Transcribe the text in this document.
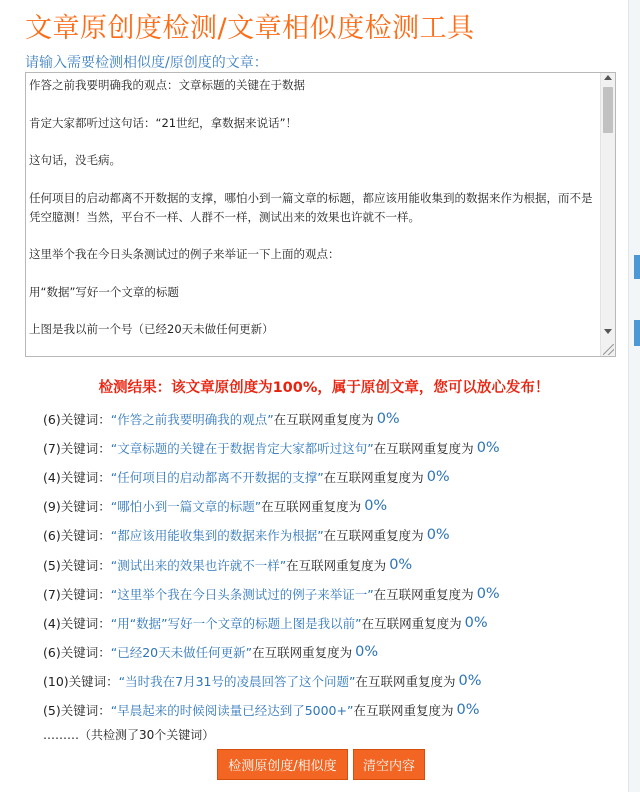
文章原创度检测/文章相似度检测工具
请输入需要检测相似度/原创度的文章：

作答之前我要明确我的观点：文章标题的关键在于数据

肯定大家都听过这句话：“21世纪，拿数据来说话”！

这句话，没毛病。

任何项目的启动都离不开数据的支撑，哪怕小到一篇文章的标题，都应该用能收集到的数据来作为根据，而不是凭空臆测！当然，平台不一样、人群不一样，测试出来的效果也许就不一样。

这里举个我在今日头条测试过的例子来举证一下上面的观点：

用“数据”写好一个文章的标题

上图是我以前一个号（已经20天未做任何更新）

检测结果：该文章原创度为100%，属于原创文章，您可以放心发布！
(6)关键词： “作答之前我要明确我的观点” 在互联网重复度为 0%
(7)关键词： “文章标题的关键在于数据肯定大家都听过这句” 在互联网重复度为 0%
(4)关键词： “任何项目的启动都离不开数据的支撑” 在互联网重复度为 0%
(9)关键词： “哪怕小到一篇文章的标题” 在互联网重复度为 0%
(6)关键词： “都应该用能收集到的数据来作为根据” 在互联网重复度为 0%
(5)关键词： “测试出来的效果也许就不一样” 在互联网重复度为 0%
(7)关键词： “这里举个我在今日头条测试过的例子来举证一” 在互联网重复度为 0%
(4)关键词： “用“数据”写好一个文章的标题上图是我以前” 在互联网重复度为 0%
(6)关键词： “已经20天未做任何更新” 在互联网重复度为 0%
(10)关键词： “当时我在7月31号的凌晨回答了这个问题” 在互联网重复度为 0%
(5)关键词： “早晨起来的时候阅读量已经达到了5000+” 在互联网重复度为 0%
………（共检测了30个关键词）
检测原创度/相似度	清空内容
